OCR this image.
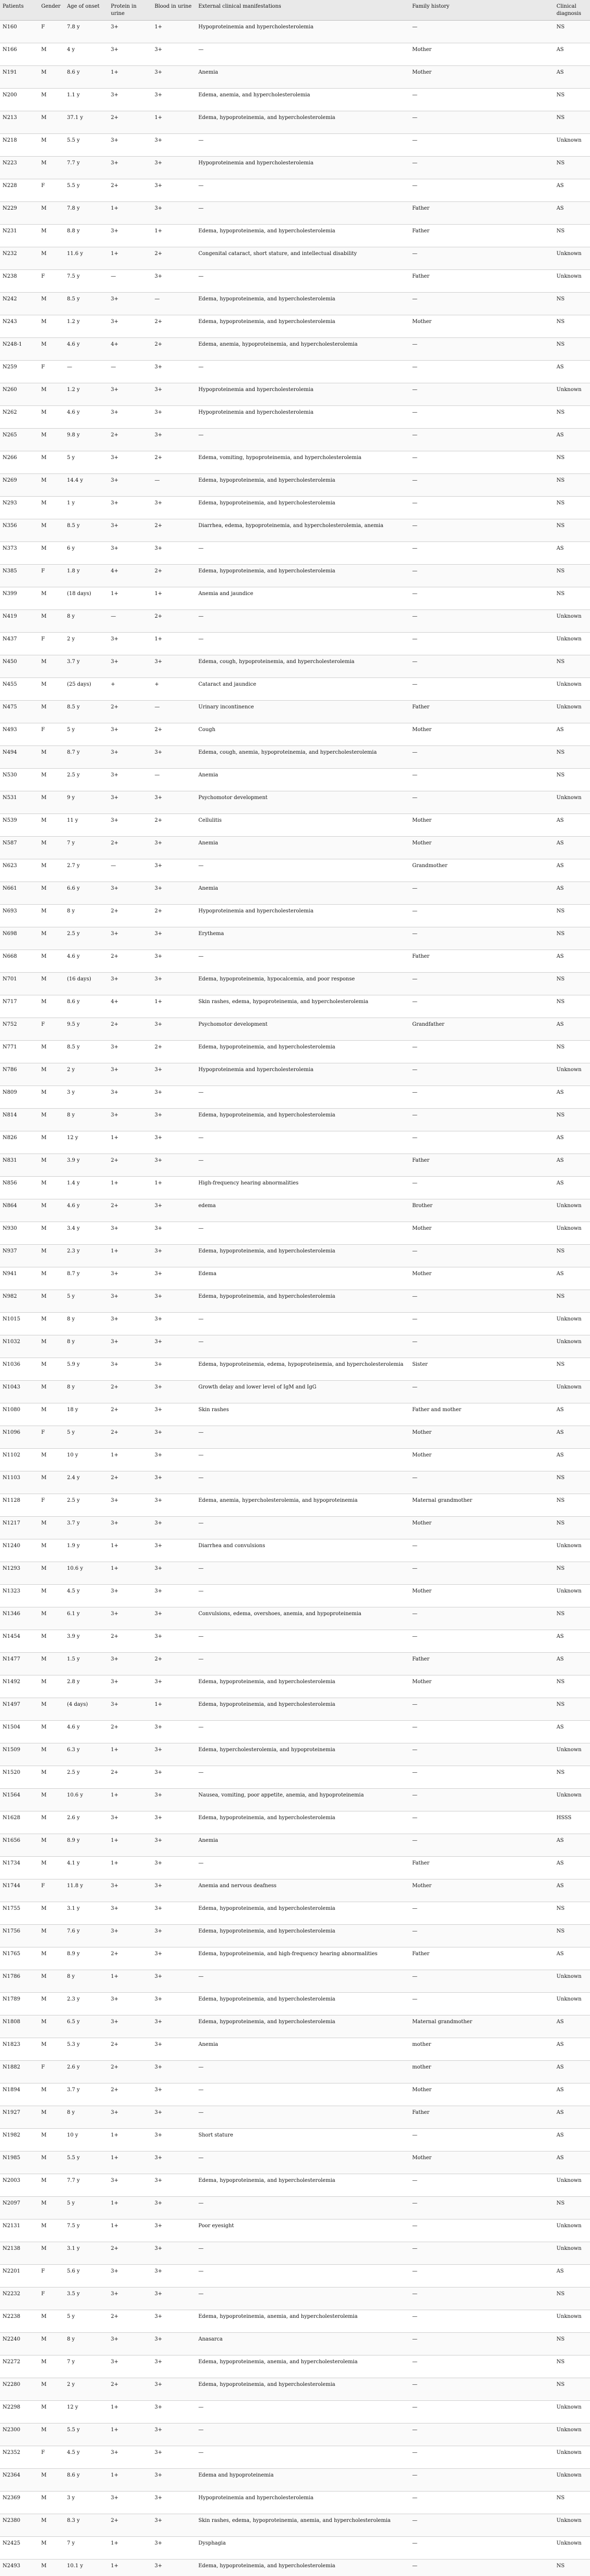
Patients	Gender	Age of onset	Protein in urine	Blood in urine	External clinical manifestations	Family history	Clinical diagnosis
N160	F	7.8 y	3+	1+	Hypoproteinemia and hypercholesterolemia	—	NS
N166	M	4 y	3+	3+	—	Mother	AS
N191	M	8.6 y	1+	3+	Anemia	Mother	AS
N200	M	1.1 y	3+	3+	Edema, anemia, and hypercholesterolemia	—	NS
N213	M	37.1 y	2+	1+	Edema, hypoproteinemia, and hypercholesterolemia	—	NS
N218	M	5.5 y	3+	3+	—	—	Unknown
N223	M	7.7 y	3+	3+	Hypoproteinemia and hypercholesterolemia	—	NS
N228	F	5.5 y	2+	3+	—	—	AS
N229	M	7.8 y	1+	3+	—	Father	AS
N231	M	8.8 y	3+	1+	Edema, hypoproteinemia, and hypercholesterolemia	Father	NS
N232	M	11.6 y	1+	2+	Congenital cataract, short stature, and intellectual disability	—	Unknown
N238	F	7.5 y	—	3+	—	Father	Unknown
N242	M	8.5 y	3+	—	Edema, hypoproteinemia, and hypercholesterolemia	—	NS
N243	M	1.2 y	3+	2+	Edema, hypoproteinemia, and hypercholesterolemia	Mother	NS
N248-1	M	4.6 y	4+	2+	Edema, anemia, hypoproteinemia, and hypercholesterolemia	—	NS
N259	F	—	—	3+	—	—	AS
N260	M	1.2 y	3+	3+	Hypoproteinemia and hypercholesterolemia	—	Unknown
N262	M	4.6 y	3+	3+	Hypoproteinemia and hypercholesterolemia	—	NS
N265	M	9.8 y	2+	3+	—	—	AS
N266	M	5 y	3+	2+	Edema, vomiting, hypoproteinemia, and hypercholesterolemia	—	NS
N269	M	14.4 y	3+	—	Edema, hypoproteinemia, and hypercholesterolemia	—	NS
N293	M	1 y	3+	3+	Edema, hypoproteinemia, and hypercholesterolemia	—	NS
N356	M	8.5 y	3+	2+	Diarrhea, edema, hypoproteinemia, and hypercholesterolemia, anemia	—	NS
N373	M	6 y	3+	3+	—	—	AS
N385	F	1.8 y	4+	2+	Edema, hypoproteinemia, and hypercholesterolemia	—	NS
N399	M	(18 days)	1+	1+	Anemia and jaundice	—	NS
N419	M	8 y	—	2+	—	—	Unknown
N437	F	2 y	3+	1+	—	—	Unknown
N450	M	3.7 y	3+	3+	Edema, cough, hypoproteinemia, and hypercholesterolemia	—	NS
N455	M	(25 days)	+	+	Cataract and jaundice	—	Unknown
N475	M	8.5 y	2+	—	Urinary incontinence	Father	Unknown
N493	F	5 y	3+	2+	Cough	Mother	AS
N494	M	8.7 y	3+	3+	Edema, cough, anemia, hypoproteinemia, and hypercholesterolemia	—	NS
N530	M	2.5 y	3+	—	Anemia	—	NS
N531	M	9 y	3+	3+	Psychomotor development	—	Unknown
N539	M	11 y	3+	2+	Cellulitis	Mother	AS
N587	M	7 y	2+	3+	Anemia	Mother	AS
N623	M	2.7 y	—	3+	—	Grandmother	AS
N661	M	6.6 y	3+	3+	Anemia	—	AS
N693	M	8 y	2+	2+	Hypoproteinemia and hypercholesterolemia	—	NS
N698	M	2.5 y	3+	3+	Erythema	—	NS
N668	M	4.6 y	2+	3+	—	Father	AS
N701	M	(16 days)	3+	3+	Edema, hypoproteinemia, hypocalcemia, and poor response	—	NS
N717	M	8.6 y	4+	1+	Skin rashes, edema, hypoproteinemia, and hypercholesterolemia	—	NS
N752	F	9.5 y	2+	3+	Psychomotor development	Grandfather	AS
N771	M	8.5 y	3+	2+	Edema, hypoproteinemia, and hypercholesterolemia	—	NS
N786	M	2 y	3+	3+	Hypoproteinemia and hypercholesterolemia	—	Unknown
N809	M	3 y	3+	3+	—	—	AS
N814	M	8 y	3+	3+	Edema, hypoproteinemia, and hypercholesterolemia	—	NS
N826	M	12 y	1+	3+	—	—	AS
N831	M	3.9 y	2+	3+	—	Father	AS
N856	M	1.4 y	1+	1+	High-frequency hearing abnormalities	—	AS
N864	M	4.6 y	2+	3+	edema	Brother	Unknown
N930	M	3.4 y	3+	3+	—	Mother	Unknown
N937	M	2.3 y	1+	3+	Edema, hypoproteinemia, and hypercholesterolemia	—	NS
N941	M	8.7 y	3+	3+	Edema	Mother	AS
N982	M	5 y	3+	3+	Edema, hypoproteinemia, and hypercholesterolemia	—	NS
N1015	M	8 y	3+	3+	—	—	Unknown
N1032	M	8 y	3+	3+	—	—	Unknown
N1036	M	5.9 y	3+	3+	Edema, hypoproteinemia, edema, hypoproteinemia, and hypercholesterolemia	Sister	NS
N1043	M	8 y	2+	3+	Growth delay and lower level of IgM and IgG	—	Unknown
N1080	M	18 y	2+	3+	Skin rashes	Father and mother	AS
N1096	F	5 y	2+	3+	—	Mother	AS
N1102	M	10 y	1+	3+	—	Mother	AS
N1103	M	2.4 y	2+	3+	—	—	NS
N1128	F	2.5 y	3+	3+	Edema, anemia, hypercholesterolemia, and hypoproteinemia	Maternal grandmother	NS
N1217	M	3.7 y	3+	3+	—	Mother	NS
N1240	M	1.9 y	1+	3+	Diarrhea and convulsions	—	Unknown
N1293	M	10.6 y	1+	3+	—	—	NS
N1323	M	4.5 y	3+	3+	—	Mother	Unknown
N1346	M	6.1 y	3+	3+	Convulsions, edema, overshoes, anemia, and hypoproteinemia	—	NS
N1454	M	3.9 y	2+	3+	—	—	AS
N1477	M	1.5 y	3+	2+	—	Father	AS
N1492	M	2.8 y	3+	3+	Edema, hypoproteinemia, and hypercholesterolemia	Mother	NS
N1497	M	(4 days)	3+	1+	Edema, hypoproteinemia, and hypercholesterolemia	—	NS
N1504	M	4.6 y	2+	3+	—	—	AS
N1509	M	6.3 y	1+	3+	Edema, hypercholesterolemia, and hypoproteinemia	—	Unknown
N1520	M	2.5 y	2+	3+	—	—	NS
N1564	M	10.6 y	1+	3+	Nausea, vomiting, poor appetite, anemia, and hypoproteinemia	—	Unknown
N1628	M	2.6 y	3+	3+	Edema, hypoproteinemia, and hypercholesterolemia	—	HSSS
N1656	M	8.9 y	1+	3+	Anemia	—	AS
N1734	M	4.1 y	1+	3+	—	Father	AS
N1744	F	11.8 y	3+	3+	Anemia and nervous deafness	Mother	AS
N1755	M	3.1 y	3+	3+	Edema, hypoproteinemia, and hypercholesterolemia	—	NS
N1756	M	7.6 y	3+	3+	Edema, hypoproteinemia, and hypercholesterolemia	—	NS
N1765	M	8.9 y	2+	3+	Edema, hypoproteinemia, and high-frequency hearing abnormalities	Father	AS
N1786	M	8 y	1+	3+	—	—	Unknown
N1789	M	2.3 y	3+	3+	Edema, hypoproteinemia, and hypercholesterolemia	—	Unknown
N1808	M	6.5 y	3+	3+	Edema, hypoproteinemia, and hypercholesterolemia	Maternal grandmother	AS
N1823	M	5.3 y	2+	3+	Anemia	mother	AS
N1882	F	2.6 y	2+	3+	—	mother	AS
N1894	M	3.7 y	2+	3+	—	Mother	AS
N1927	M	8 y	3+	3+	—	Father	AS
N1982	M	10 y	1+	3+	Short stature	—	AS
N1985	M	5.5 y	1+	3+	—	Mother	AS
N2003	M	7.7 y	3+	3+	Edema, hypoproteinemia, and hypercholesterolemia	—	Unknown
N2097	M	5 y	1+	3+	—	—	NS
N2131	M	7.5 y	1+	3+	Poor eyesight	—	Unknown
N2138	M	3.1 y	2+	3+	—	—	Unknown
N2201	F	5.6 y	3+	3+	—	—	AS
N2232	F	3.5 y	3+	3+	—	—	NS
N2238	M	5 y	2+	3+	Edema, hypoproteinemia, anemia, and hypercholesterolemia	—	Unknown
N2240	M	8 y	3+	3+	Anasarca	—	NS
N2272	M	7 y	3+	3+	Edema, hypoproteinemia, anemia, and hypercholesterolemia	—	NS
N2280	M	2 y	2+	3+	Edema, hypoproteinemia, and hypercholesterolemia	—	NS
N2298	M	12 y	1+	3+	—	—	Unknown
N2300	M	5.5 y	1+	3+	—	—	Unknown
N2352	F	4.5 y	3+	3+	—	—	Unknown
N2364	M	8.6 y	1+	3+	Edema and hypoproteinemia	—	Unknown
N2369	M	3 y	3+	3+	Hypoproteinemia and hypercholesterolemia	—	NS
N2380	M	8.3 y	2+	3+	Skin rashes, edema, hypoproteinemia, anemia, and hypercholesterolemia	—	Unknown
N2425	M	7 y	1+	3+	Dysphagia	—	Unknown
N2493	M	10.1 y	1+	3+	Edema, hypoproteinemia, and hypercholesterolemia	—	NS
